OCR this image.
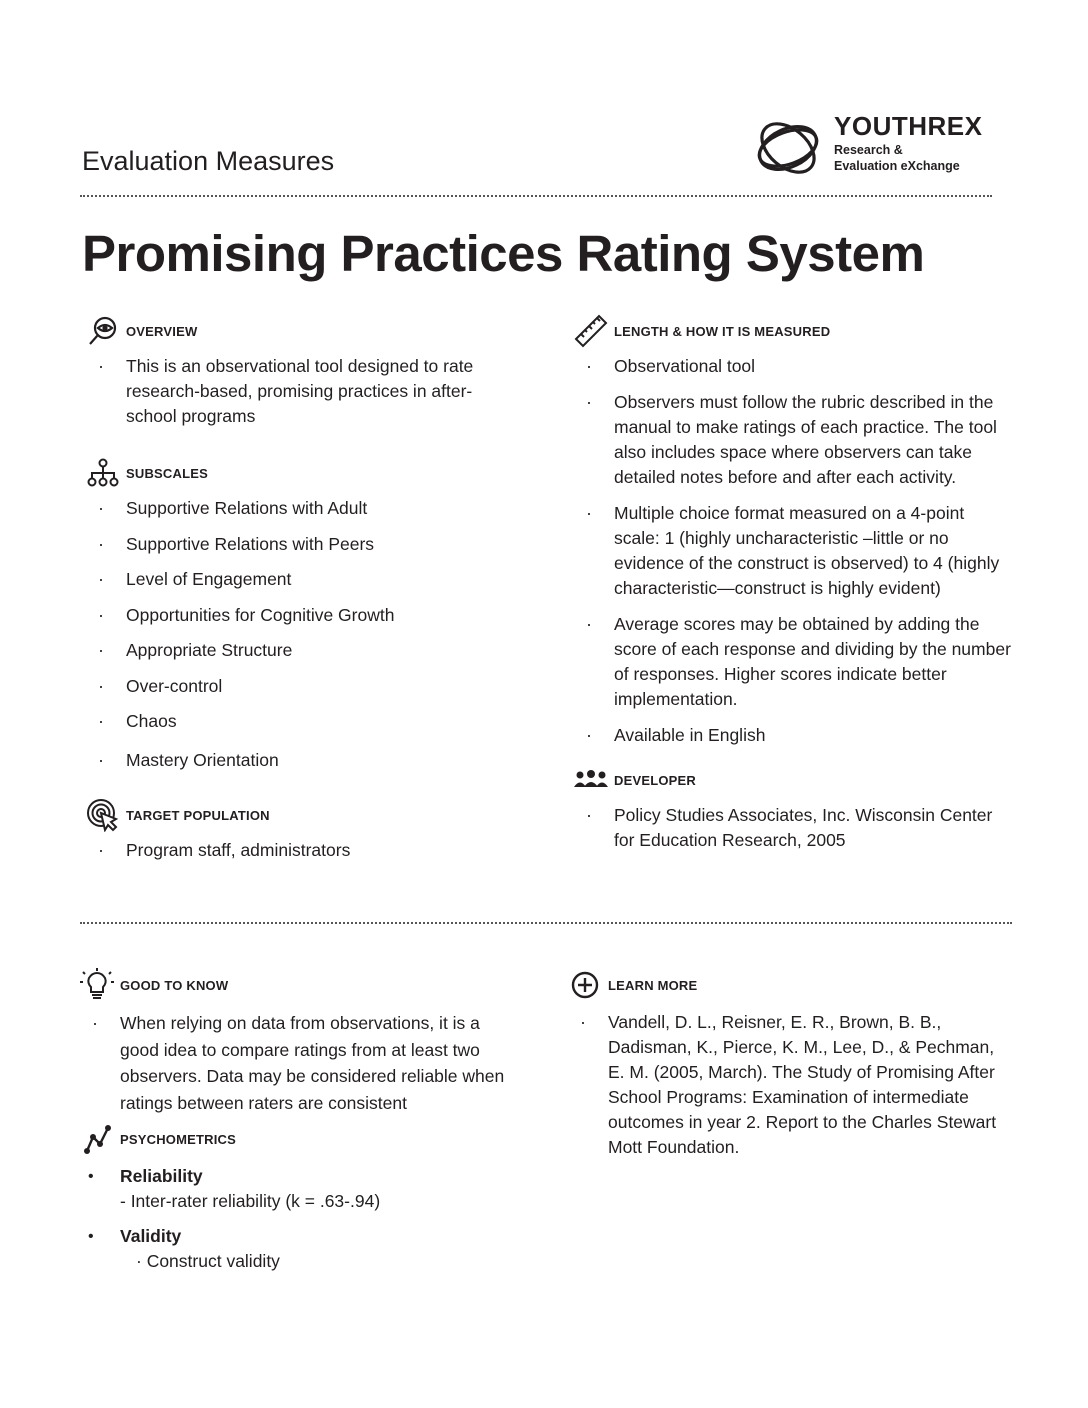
Evaluation Measures
YOUTHREX
Research &
Evaluation eXchange
Promising Practices Rating System
OVERVIEW
· This is an observational tool designed to rate research-based, promising practices in after-school programs
SUBSCALES
· Supportive Relations with Adult
· Supportive Relations with Peers
· Level of Engagement
· Opportunities for Cognitive Growth
· Appropriate Structure
· Over-control
· Chaos
· Mastery Orientation
TARGET POPULATION
· Program staff, administrators
LENGTH & HOW IT IS MEASURED
· Observational tool
· Observers must follow the rubric described in the manual to make ratings of each practice. The tool also includes space where observers can take detailed notes before and after each activity.
· Multiple choice format measured on a 4-point scale: 1 (highly uncharacteristic –little or no evidence of the construct is observed) to 4 (highly characteristic—construct is highly evident)
· Average scores may be obtained by adding the score of each response and dividing by the number of responses. Higher scores indicate better implementation.
· Available in English
DEVELOPER
· Policy Studies Associates, Inc. Wisconsin Center for Education Research, 2005
GOOD TO KNOW
· When relying on data from observations, it is a good idea to compare ratings from at least two observers. Data may be considered reliable when ratings between raters are consistent
PSYCHOMETRICS
• Reliability
- Inter-rater reliability (k = .63-.94)
• Validity
· Construct validity
LEARN MORE
· Vandell, D. L., Reisner, E. R., Brown, B. B., Dadisman, K., Pierce, K. M., Lee, D., & Pechman, E. M. (2005, March). The Study of Promising After School Programs: Examination of intermediate outcomes in year 2. Report to the Charles Stewart Mott Foundation.
